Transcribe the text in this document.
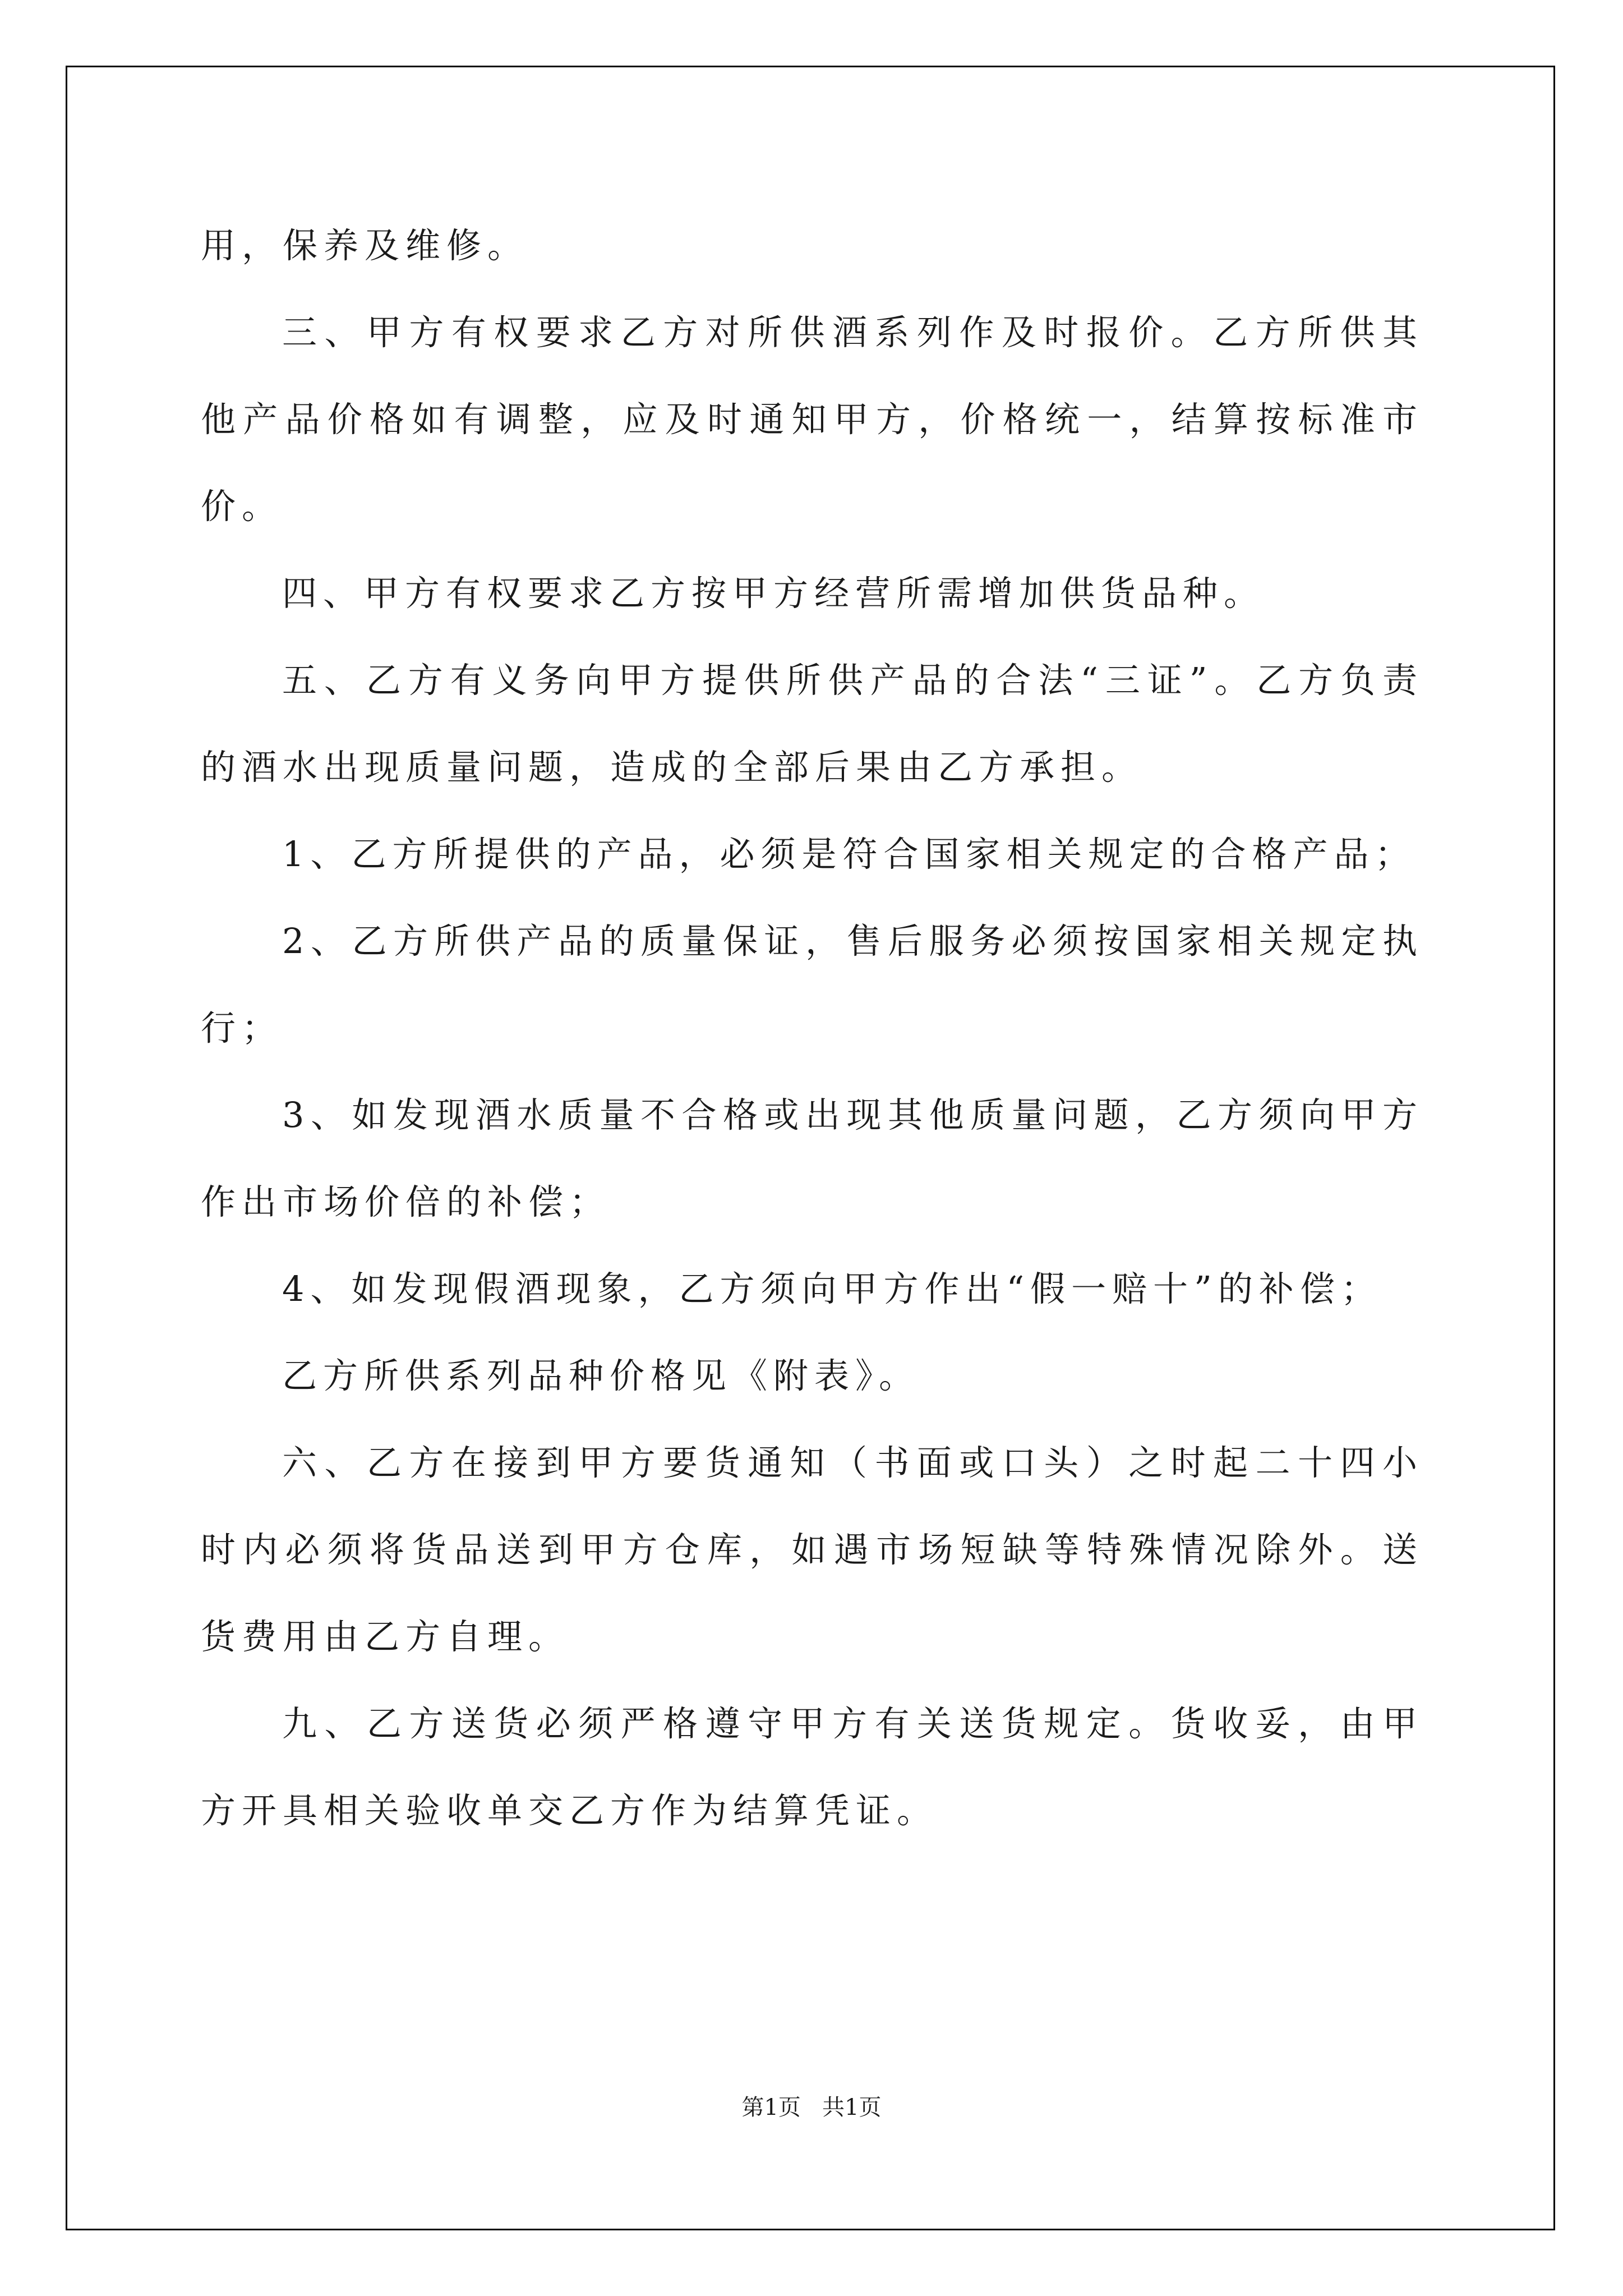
用，保养及维修。

三、甲方有权要求乙方对所供酒系列作及时报价。乙方所供其他产品价格如有调整，应及时通知甲方，价格统一，结算按标准市价。

四、甲方有权要求乙方按甲方经营所需增加供货品种。

五、乙方有义务向甲方提供所供产品的合法“三证”。乙方负责的酒水出现质量问题，造成的全部后果由乙方承担。

1、乙方所提供的产品，必须是符合国家相关规定的合格产品；

2、乙方所供产品的质量保证，售后服务必须按国家相关规定执行；

3、如发现酒水质量不合格或出现其他质量问题，乙方须向甲方作出市场价倍的补偿；

4、如发现假酒现象，乙方须向甲方作出“假一赔十”的补偿；

乙方所供系列品种价格见《附表》。

六、乙方在接到甲方要货通知（书面或口头）之时起二十四小时内必须将货品送到甲方仓库，如遇市场短缺等特殊情况除外。送货费用由乙方自理。

九、乙方送货必须严格遵守甲方有关送货规定。货收妥，由甲方开具相关验收单交乙方作为结算凭证。

第1页   共1页
